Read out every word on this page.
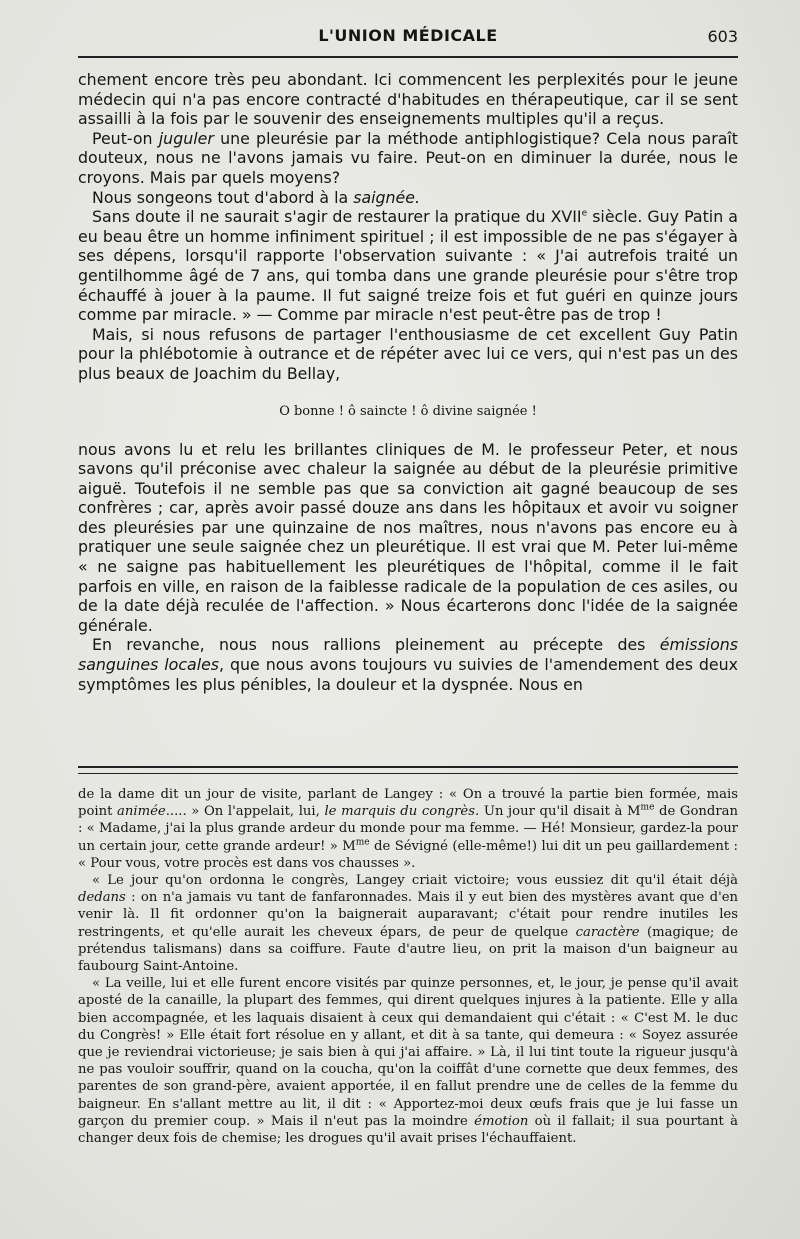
L'UNION MÉDICALE	603

chement encore très peu abondant. Ici commencent les perplexités pour le jeune médecin qui n'a pas encore contracté d'habitudes en thérapeutique, car il se sent assailli à la fois par le souvenir des enseignements multiples qu'il a reçus.

Peut-on juguler une pleurésie par la méthode antiphlogistique? Cela nous paraît douteux, nous ne l'avons jamais vu faire. Peut-on en diminuer la durée, nous le croyons. Mais par quels moyens?

Nous songeons tout d'abord à la saignée.

Sans doute il ne saurait s'agir de restaurer la pratique du XVIIe siècle. Guy Patin a eu beau être un homme infiniment spirituel ; il est impossible de ne pas s'égayer à ses dépens, lorsqu'il rapporte l'observation suivante : « J'ai autrefois traité un gentilhomme âgé de 7 ans, qui tomba dans une grande pleurésie pour s'être trop échauffé à jouer à la paume. Il fut saigné treize fois et fut guéri en quinze jours comme par miracle. » — Comme par miracle n'est peut-être pas de trop !

Mais, si nous refusons de partager l'enthousiasme de cet excellent Guy Patin pour la phlébotomie à outrance et de répéter avec lui ce vers, qui n'est pas un des plus beaux de Joachim du Bellay,

O bonne ! ô saincte ! ô divine saignée !

nous avons lu et relu les brillantes cliniques de M. le professeur Peter, et nous savons qu'il préconise avec chaleur la saignée au début de la pleurésie primitive aiguë. Toutefois il ne semble pas que sa conviction ait gagné beaucoup de ses confrères ; car, après avoir passé douze ans dans les hôpitaux et avoir vu soigner des pleurésies par une quinzaine de nos maîtres, nous n'avons pas encore eu à pratiquer une seule saignée chez un pleurétique. Il est vrai que M. Peter lui-même « ne saigne pas habituellement les pleurétiques de l'hôpital, comme il le fait parfois en ville, en raison de la faiblesse radicale de la population de ces asiles, ou de la date déjà reculée de l'affection. » Nous écarterons donc l'idée de la saignée générale.

En revanche, nous nous rallions pleinement au précepte des émissions sanguines locales, que nous avons toujours vu suivies de l'amendement des deux symptômes les plus pénibles, la douleur et la dyspnée. Nous en

de la dame dit un jour de visite, parlant de Langey : « On a trouvé la partie bien formée, mais point animée..... » On l'appelait, lui, le marquis du congrès. Un jour qu'il disait à $M^{me}$ de Gondran : « Madame, j'ai la plus grande ardeur du monde pour ma femme. — Hé! Monsieur, gardez-la pour un certain jour, cette grande ardeur! » $M^{me}$ de Sévigné (elle-même!) lui dit un peu gaillardement : « Pour vous, votre procès est dans vos chausses ».

« Le jour qu'on ordonna le congrès, Langey criait victoire; vous eussiez dit qu'il était déjà dedans : on n'a jamais vu tant de fanfaronnades. Mais il y eut bien des mystères avant que d'en venir là. Il fit ordonner qu'on la baignerait auparavant; c'était pour rendre inutiles les restringents, et qu'elle aurait les cheveux épars, de peur de quelque caractère (magique; de prétendus talismans) dans sa coiffure. Faute d'autre lieu, on prit la maison d'un baigneur au faubourg Saint-Antoine.

« La veille, lui et elle furent encore visités par quinze personnes, et, le jour, je pense qu'il avait aposté de la canaille, la plupart des femmes, qui dirent quelques injures à la patiente. Elle y alla bien accompagnée, et les laquais disaient à ceux qui demandaient qui c'était : « C'est M. le duc du Congrès! » Elle était fort résolue en y allant, et dit à sa tante, qui demeura : « Soyez assurée que je reviendrai victorieuse; je sais bien à qui j'ai affaire. » Là, il lui tint toute la rigueur jusqu'à ne pas vouloir souffrir, quand on la coucha, qu'on la coiffât d'une cornette que deux femmes, des parentes de son grand-père, avaient apportée, il en fallut prendre une de celles de la femme du baigneur. En s'allant mettre au lit, il dit : « Apportez-moi deux œufs frais que je lui fasse un garçon du premier coup. » Mais il n'eut pas la moindre émotion où il fallait; il sua pourtant à changer deux fois de chemise; les drogues qu'il avait prises l'échauffaient.
